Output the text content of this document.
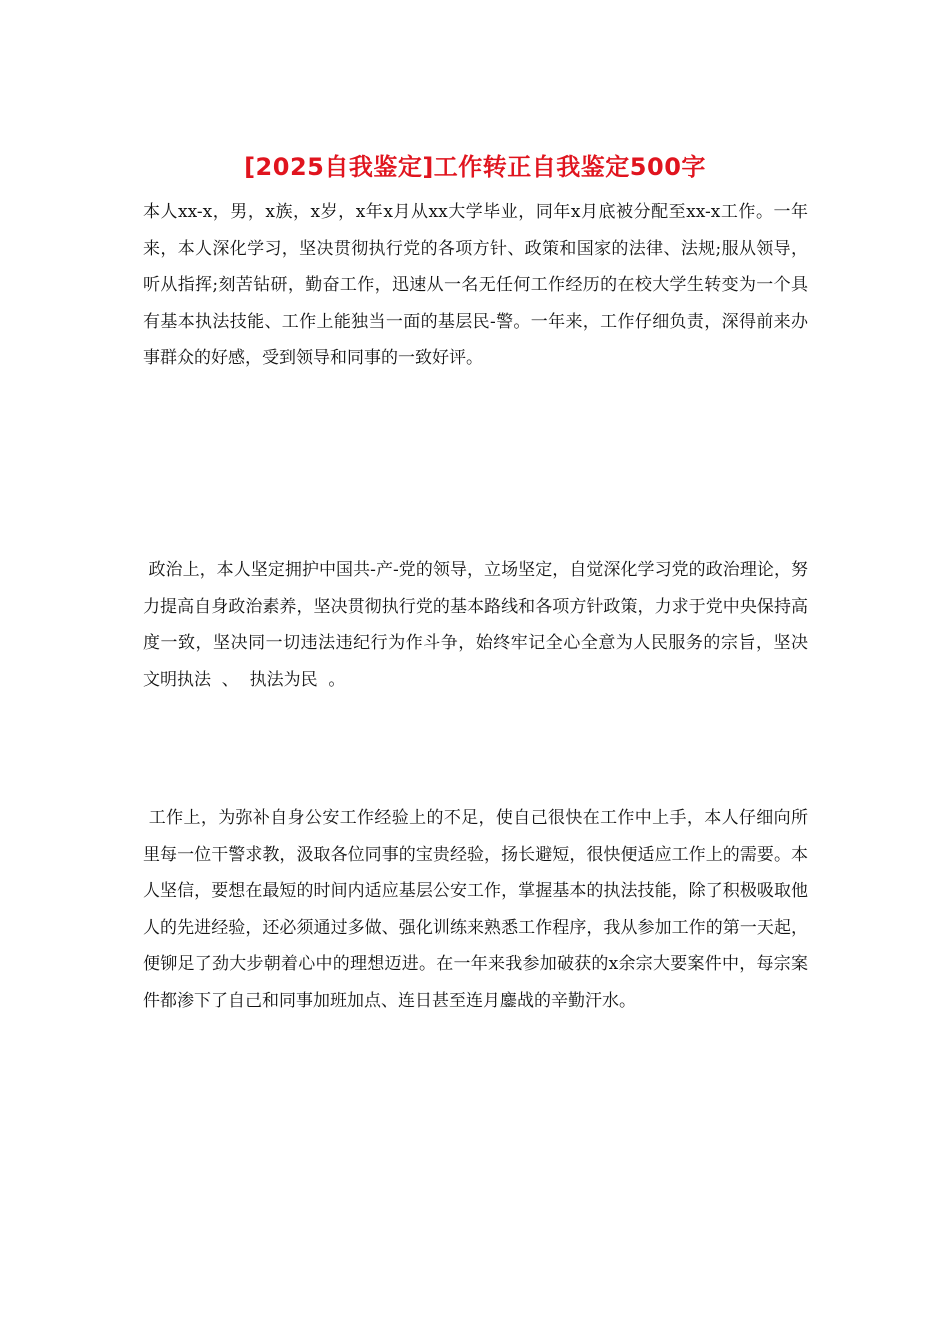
[2025自我鉴定]工作转正自我鉴定500字

本人xx-x，男，x族，x岁，x年x月从xx大学毕业，同年x月底被分配至xx-x工作。一年来，本人深化学习，坚决贯彻执行党的各项方针、政策和国家的法律、法规;服从领导，听从指挥;刻苦钻研，勤奋工作，迅速从一名无任何工作经历的在校大学生转变为一个具有基本执法技能、工作上能独当一面的基层民-警。一年来，工作仔细负责，深得前来办事群众的好感，受到领导和同事的一致好评。

政治上，本人坚定拥护中国共-产-党的领导，立场坚定，自觉深化学习党的政治理论，努力提高自身政治素养，坚决贯彻执行党的基本路线和各项方针政策，力求于党中央保持高度一致，坚决同一切违法违纪行为作斗争，始终牢记全心全意为人民服务的宗旨，坚决  文明执法  、  执法为民  。

工作上，为弥补自身公安工作经验上的不足，使自己很快在工作中上手，本人仔细向所里每一位干警求教，汲取各位同事的宝贵经验，扬长避短，很快便适应工作上的需要。本人坚信，要想在最短的时间内适应基层公安工作，掌握基本的执法技能，除了积极吸取他人的先进经验，还必须通过多做、强化训练来熟悉工作程序，我从参加工作的第一天起，便铆足了劲大步朝着心中的理想迈进。在一年来我参加破获的x余宗大要案件中，每宗案件都渗下了自己和同事加班加点、连日甚至连月鏖战的辛勤汗水。
